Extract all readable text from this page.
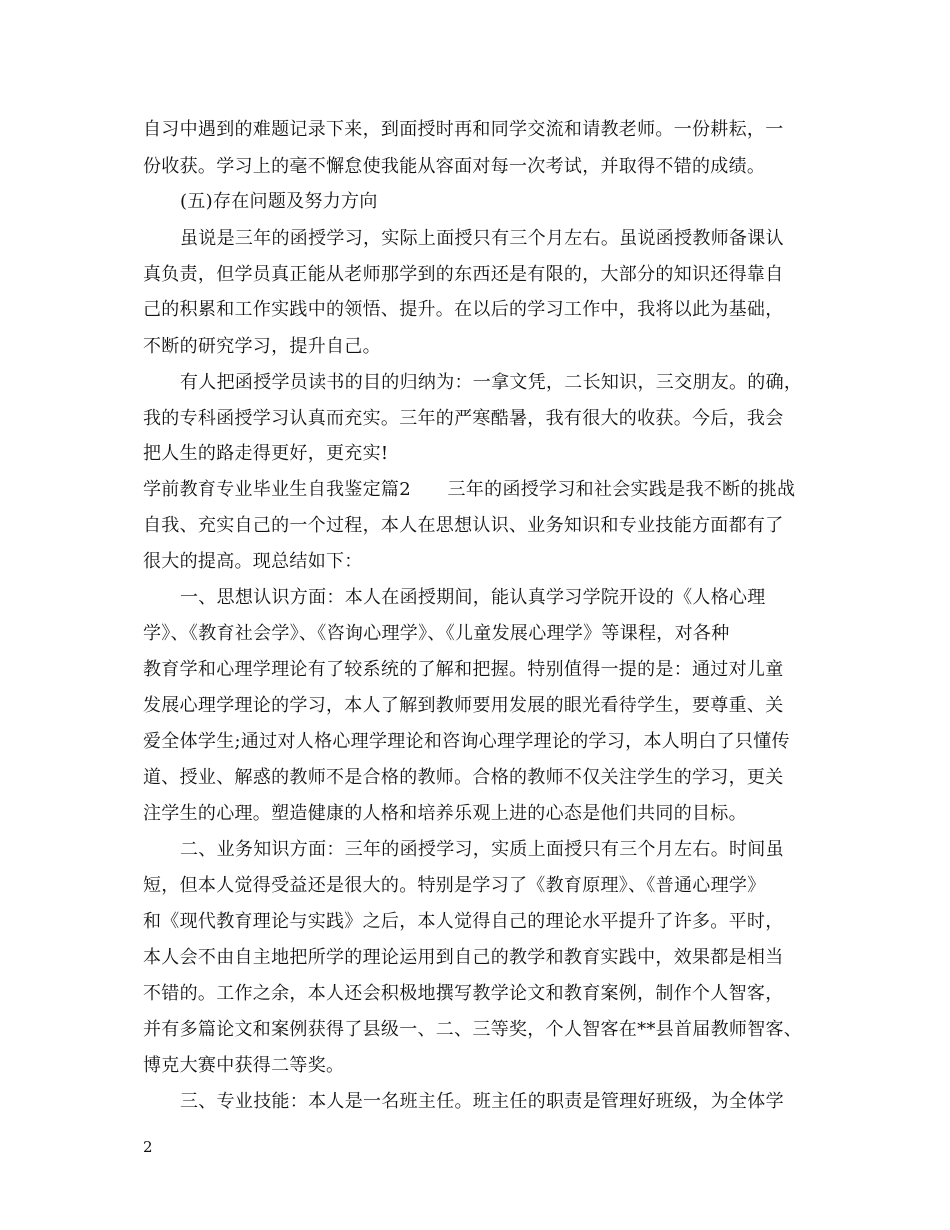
自习中遇到的难题记录下来，到面授时再和同学交流和请教老师。一份耕耘，一
份收获。学习上的毫不懈怠使我能从容面对每一次考试，并取得不错的成绩。
(五)存在问题及努力方向
虽说是三年的函授学习，实际上面授只有三个月左右。虽说函授教师备课认
真负责，但学员真正能从老师那学到的东西还是有限的，大部分的知识还得靠自
己的积累和工作实践中的领悟、提升。在以后的学习工作中，我将以此为基础，
不断的研究学习，提升自己。
有人把函授学员读书的目的归纳为：一拿文凭，二长知识，三交朋友。的确，
我的专科函授学习认真而充实。三年的严寒酷暑，我有很大的收获。今后，我会
把人生的路走得更好，更充实!
学前教育专业毕业生自我鉴定篇2　　三年的函授学习和社会实践是我不断的挑战
自我、充实自己的一个过程，本人在思想认识、业务知识和专业技能方面都有了
很大的提高。现总结如下：
一、思想认识方面：本人在函授期间，能认真学习学院开设的《人格心理
学》、《教育社会学》、《咨询心理学》、《儿童发展心理学》等课程，对各种
教育学和心理学理论有了较系统的了解和把握。特别值得一提的是：通过对儿童
发展心理学理论的学习，本人了解到教师要用发展的眼光看待学生，要尊重、关
爱全体学生;通过对人格心理学理论和咨询心理学理论的学习，本人明白了只懂传
道、授业、解惑的教师不是合格的教师。合格的教师不仅关注学生的学习，更关
注学生的心理。塑造健康的人格和培养乐观上进的心态是他们共同的目标。
二、业务知识方面：三年的函授学习，实质上面授只有三个月左右。时间虽
短，但本人觉得受益还是很大的。特别是学习了《教育原理》、《普通心理学》
和《现代教育理论与实践》之后，本人觉得自己的理论水平提升了许多。平时，
本人会不由自主地把所学的理论运用到自己的教学和教育实践中，效果都是相当
不错的。工作之余，本人还会积极地撰写教学论文和教育案例，制作个人智客，
并有多篇论文和案例获得了县级一、二、三等奖，个人智客在**县首届教师智客、
博克大赛中获得二等奖。
三、专业技能：本人是一名班主任。班主任的职责是管理好班级，为全体学
2
